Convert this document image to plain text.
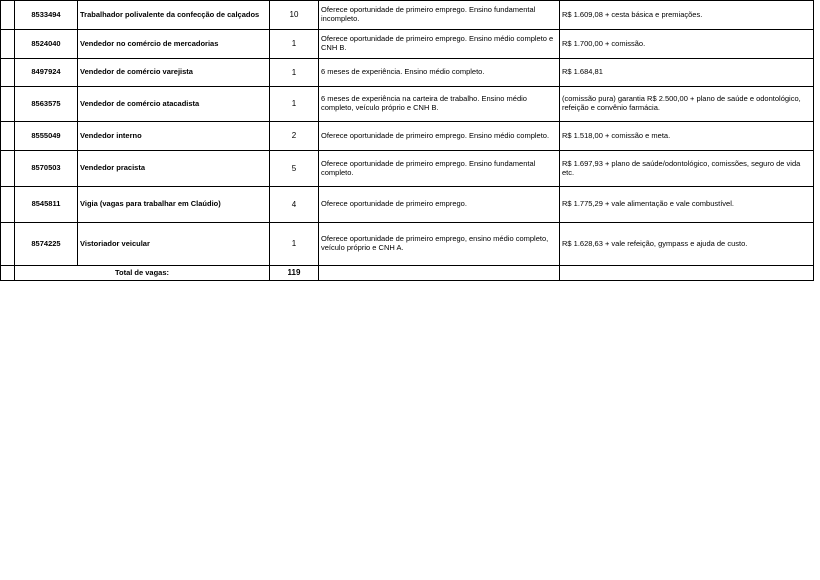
	8533494	Trabalhador polivalente da confecção de calçados	10	Oferece oportunidade de primeiro emprego. Ensino fundamental incompleto.	R$ 1.609,08 + cesta básica e premiações.
	8524040	Vendedor no comércio de mercadorias	1	Oferece oportunidade de primeiro emprego. Ensino médio completo e CNH B.	R$ 1.700,00 + comissão.
	8497924	Vendedor de comércio varejista	1	6 meses de experiência. Ensino médio completo.	R$ 1.684,81
	8563575	Vendedor de comércio atacadista	1	6 meses de experiência na carteira de trabalho. Ensino médio completo, veículo próprio e CNH B.	(comissão pura) garantia R$ 2.500,00 + plano de saúde e odontológico, refeição e convênio farmácia.
	8555049	Vendedor interno	2	Oferece oportunidade de primeiro emprego. Ensino médio completo.	R$ 1.518,00 + comissão e meta.
	8570503	Vendedor pracista	5	Oferece oportunidade de primeiro emprego. Ensino fundamental completo.	R$ 1.697,93 + plano de saúde/odontológico, comissões, seguro de vida etc.
	8545811	Vigia (vagas para trabalhar em Claúdio)	4	Oferece oportunidade de primeiro emprego.	R$ 1.775,29 + vale alimentação e vale combustível.
	8574225	Vistoriador veicular	1	Oferece oportunidade de primeiro emprego, ensino médio completo, veículo próprio e CNH A.	R$ 1.628,63 + vale refeição, gympass e ajuda de custo.
	Total de vagas:		119		
